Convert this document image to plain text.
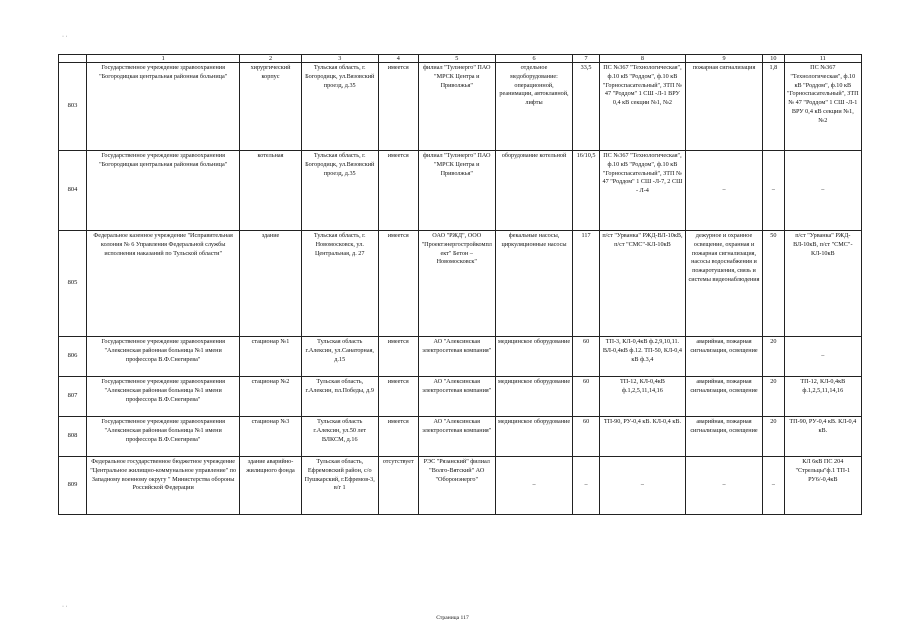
· ·
· ·
	1	2	3	4	5	6	7	8	9	10	11
803	Государственное учреждение здравоохранения "Богородицкая центральная районная больница"	хирургический корпус	Тульская область, г. Богородицк, ул.Вязовский проезд, д.35	имеется	филиал "Тулэнерго" ПАО "МРСК Центра и Приволжья"	отдельное медоборудование: операционной, реанимации, автоклавной, лифты	33,5	ПС №367 "Технологическая", ф.10 кВ "Роддом", ф.10 кВ "Горноспасательный", ЗТП № 47 "Роддом" 1 СШ -Л-1 ВРУ 0,4 кВ секции №1, №2	пожарная сигнализация	1,8	ПС №367 "Технологическая", ф.10 кВ "Роддом", ф.10 кВ "Горноспасательный", ЗТП № 47 "Роддом" 1 СШ -Л-1 ВРУ 0,4 кВ секции №1, №2
804	Государственное учреждение здравоохранения "Богородицкая центральная районная больница"	котельная	Тульская область, г. Богородицк, ул.Вязовский проезд, д.35	имеется	филиал "Тулэнерго" ПАО "МРСК Центра и Приволжья"	оборудование котельной	16/10,5	ПС №367 "Технологическая", ф.10 кВ "Роддом", ф.10 кВ "Горноспасательный", ЗТП № 47 "Роддом" 1 СШ -Л-7, 2 СШ - Л-4	–	–	–
805	Федеральное казенное учреждение "Исправительная колония № 6 Управления Федеральной службы исполнения наказаний по Тульской области"	здание	Тульская область, г. Новомосковск, ул. Центральная, д. 27	имеется	ОАО "РЖД", ООО "Проектэнергостройкомплект" Бетон – Новомосковск"	фекальные насосы, циркуляционные насосы	117	п/ст "Урванка" РЖД-ВЛ-10кВ, п/ст "СМС"-КЛ-10кВ	дежурное и охранное освещение, охранная и пожарная сигнализация, насосы водоснабжения и пожаротушения, связь и системы видеонаблюдения	50	п/ст "Урванка" РЖД-ВЛ-10кВ, п/ст "СМС"-КЛ-10кВ
806	Государственное учреждение здравоохранения "Алексинская районная больница №1 имени профессора В.Ф.Снегирева"	стационар №1	Тульская область г.Алексин, ул.Санаторная, д.15	имеется	АО "Алексинская электросетевая компания"	медицинское оборудование	60	ТП-3, КЛ-0,4кВ ф.2,9,10,11. ВЛ-0,4кВ ф.12. ТП-50, КЛ-0,4 кВ ф.3,4	аварийная, пожарная сигнализация, освещение	20	–
807	Государственное учреждение здравоохранения "Алексинская районная больница №1 имени профессора В.Ф.Снегирева"	стационар №2	Тульская область, г.Алексин, пл.Победы, д.9	имеется	АО "Алексинская электросетевая компания"	медицинское оборудование	60	ТП-12, КЛ-0,4кВ ф.1,2,5,11,14,16	аварийная, пожарная сигнализация, освещение	20	ТП-12, КЛ-0,4кВ ф.1,2,5,11,14,16
808	Государственное учреждение здравоохранения "Алексинская районная больница №1 имени профессора В.Ф.Снегирева"	стационар №3	Тульская область г.Алексин, ул.50 лет ВЛКСМ, д.16	имеется	АО "Алексинская электросетевая компания"	медицинское оборудование	60	ТП-90, РУ-0,4 кВ. КЛ-0,4 кВ.	аварийная, пожарная сигнализация, освещение	20	ТП-90, РУ-0,4 кВ. КЛ-0,4 кВ.
809	Федеральное государственное бюджетное учреждение "Центральное жилищно-коммунальное управление" по Западному военному округу " Министерства обороны Российской Федерации	здание аварийно-жилищного фонда	Тульская область, Ефремовский район, с/о Пушкарский, г.Ефремов-3, в/г 1	отсутствует	РЭС "Рязанский" филиал "Волго-Вятский" АО "Оборонэнерго"	–	–	–	–	–	КЛ 6кВ ПС 204 "Стрельцы"ф.1 ТП-1 РУ6/-0,4кВ
Страница 117
